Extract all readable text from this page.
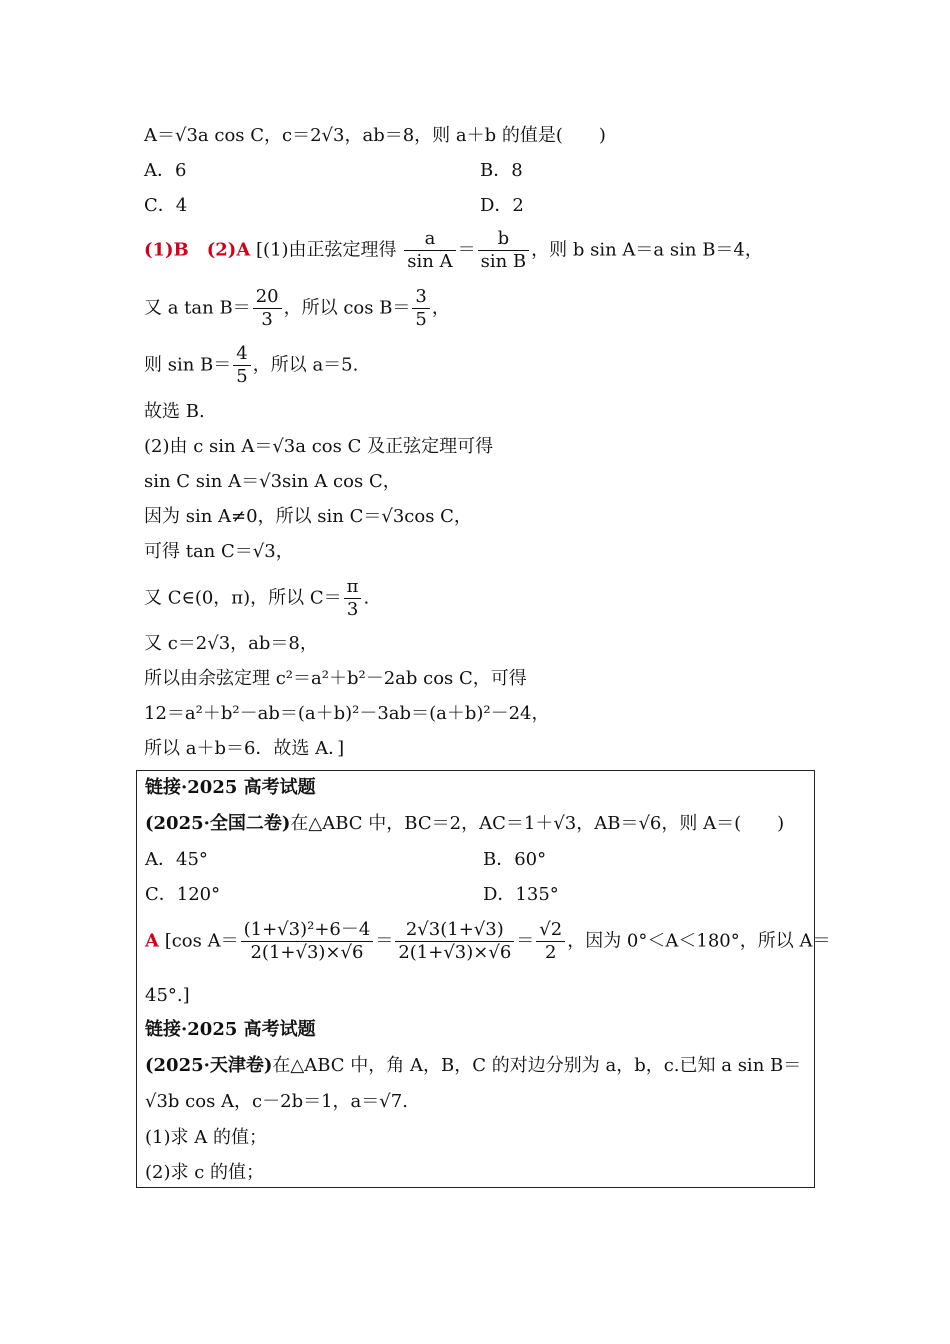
A＝√3a cos C，c＝2√3，ab＝8，则 a＋b 的值是(　　)
A．6	B．8
C．4	D．2
(1)B　(2)A [(1)由正弦定理得 $\frac{a}{\text{sin A}} = \frac{b}{\text{sin B}}$ ，则 b sin A＝a sin B＝4，
又 a $\tan B= \frac{20}{3}$ ，所以 $\cos B= \frac{3}{5}$ ，
则 $\sin B= \frac{4}{5}$ ，所以 a＝5.
故选 B.
(2)由 c sin A＝√3a cos C 及正弦定理可得
sin C sin A＝√3sin A cos C，
因为 sin A≠0，所以 sin C＝√3cos C，
可得 tan C＝√3，
又 C∈(0，π)，所以 $C= \frac{\pi}{3}$ .
又 c＝2√3，ab＝8，
所以由余弦定理 c²＝a²＋b²－2ab cos C，可得
12＝a²＋b²－ab＝(a＋b)²－3ab＝(a＋b)²－24，
所以 a＋b＝6．故选 A．]
链接·2025 高考试题
(2025·全国二卷)在△ABC 中，BC＝2，AC＝1＋√3，AB＝√6，则 A＝(　　)
A．45°	B．60°
C．120°	D．135°
A [cos $A= \frac{\text{(1+√3)²+6－4}}{2(1+√3)\times√6} = \frac{2√3(1+√3)}{2(1+√3)\times√6} = \frac{√2}{2}$ ，因为 0°＜A＜180°，所以 A＝
45°.]
链接·2025 高考试题
(2025·天津卷)在△ABC 中，角 A，B，C 的对边分别为 a，b，c.已知 a sin B＝
√3b cos A，c－2b＝1，a＝√7.
(1)求 A 的值；
(2)求 c 的值；
